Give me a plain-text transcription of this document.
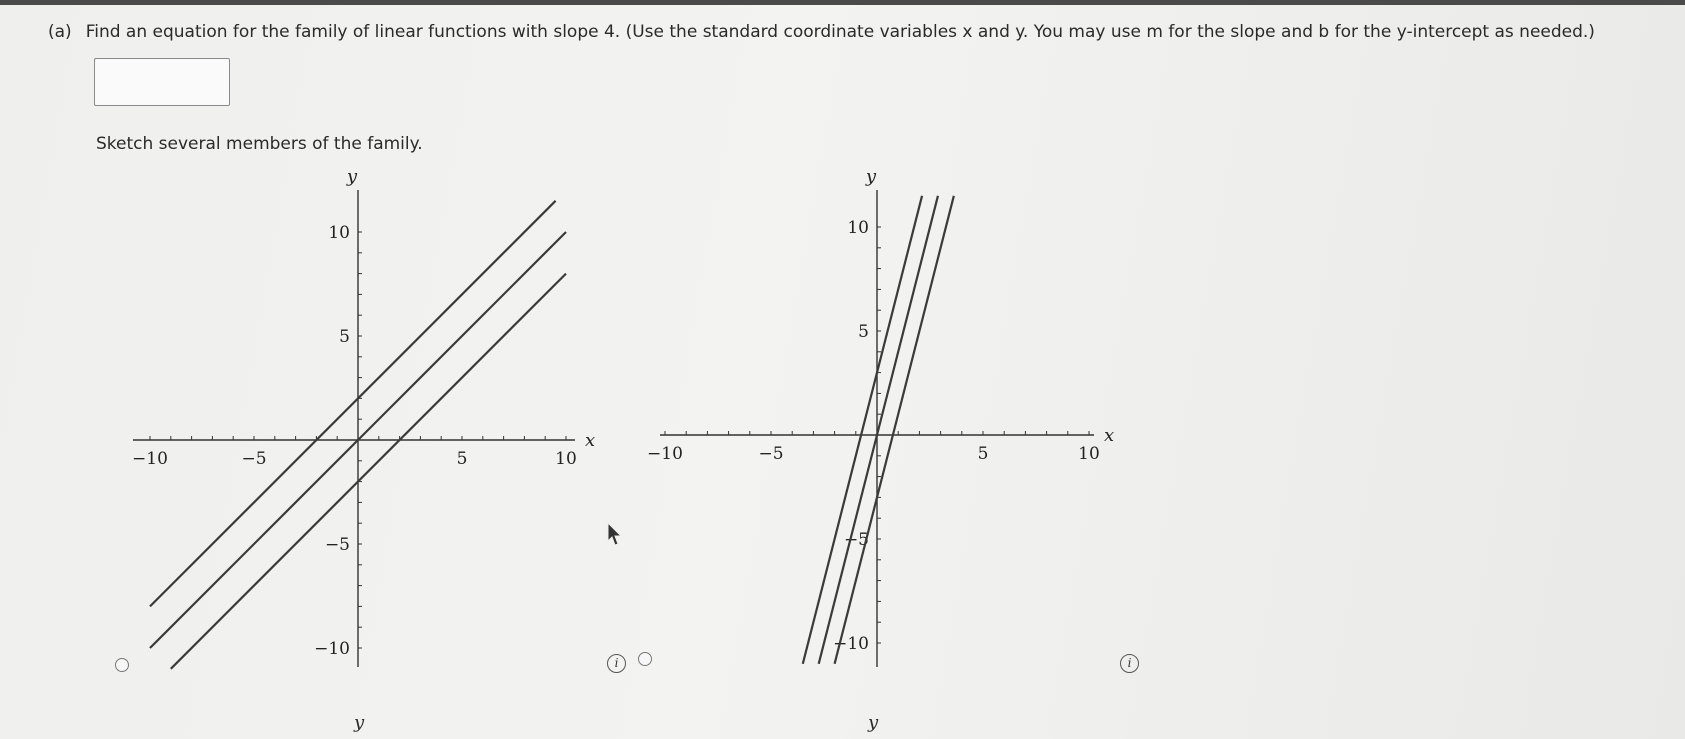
(a) Find an equation for the family of linear functions with slope 4. (Use the standard coordinate variables x and y. You may use m for the slope and b for the y-intercept as needed.)
Sketch several members of the family.
−10	−5	5	10
10
5
−5
−10
x
y
−10	−5	5	10
10
5
−5
−10
x
y
i	i
y	y
